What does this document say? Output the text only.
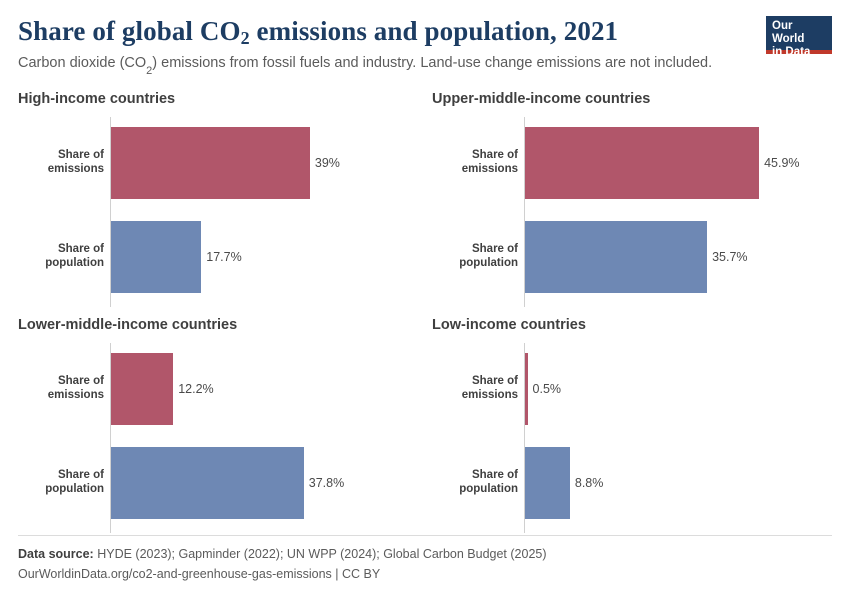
Share of global $CO_2$ emissions and population, 2021
Carbon dioxide $(CO_2)$ emissions from fossil fuels and industry. Land-use change emissions are not included.
Our World
in Data
High-income countries
Share of
emissions	39%
Share of
population	17.7%
Upper-middle-income countries
Share of
emissions	45.9%
Share of
population	35.7%
Lower-middle-income countries
Share of
emissions	12.2%
Share of
population	37.8%
Low-income countries
Share of
emissions	0.5%
Share of
population	8.8%
Data source: HYDE (2023); Gapminder (2022); UN WPP (2024); Global Carbon Budget (2025)
OurWorldinData.org/co2-and-greenhouse-gas-emissions | CC BY
